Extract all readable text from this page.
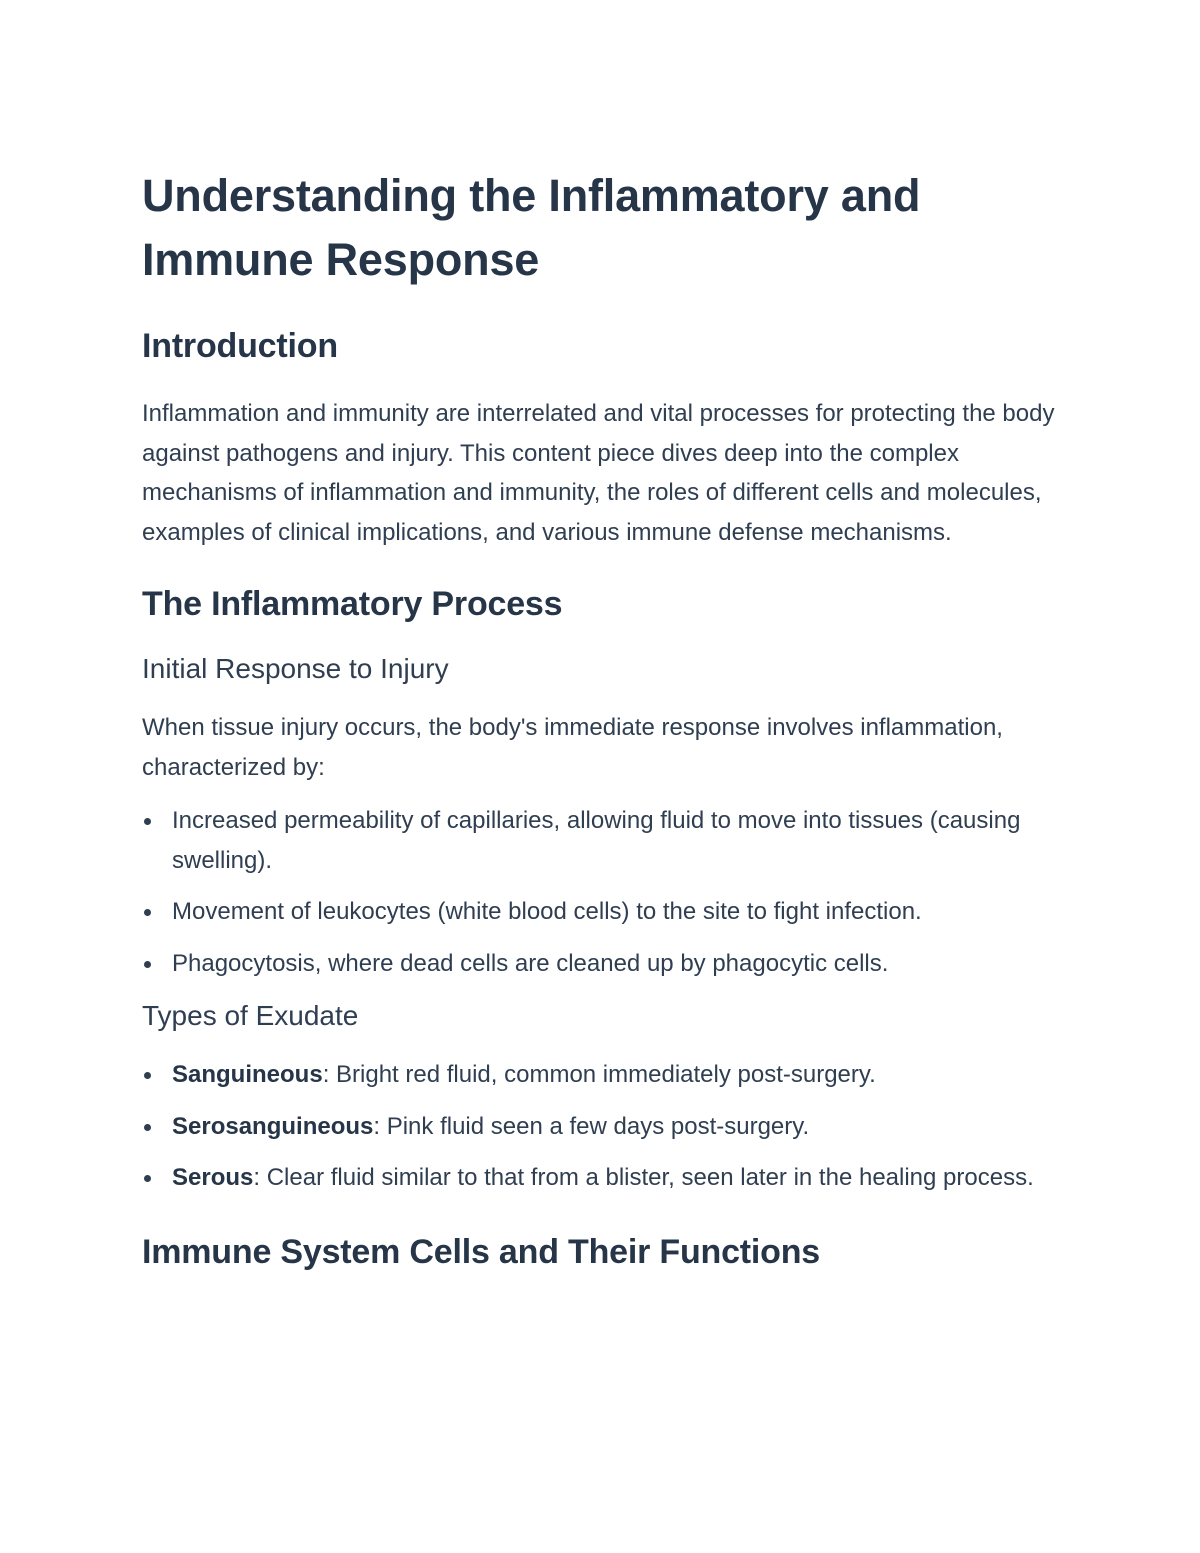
Understanding the Inflammatory and Immune Response
Introduction

Inflammation and immunity are interrelated and vital processes for protecting the body against pathogens and injury. This content piece dives deep into the complex mechanisms of inflammation and immunity, the roles of different cells and molecules, examples of clinical implications, and various immune defense mechanisms.

The Inflammatory Process
Initial Response to Injury

When tissue injury occurs, the body's immediate response involves inflammation, characterized by:

Increased permeability of capillaries, allowing fluid to move into tissues (causing swelling).
Movement of leukocytes (white blood cells) to the site to fight infection.
Phagocytosis, where dead cells are cleaned up by phagocytic cells.
Types of Exudate
Sanguineous: Bright red fluid, common immediately post-surgery.
Serosanguineous: Pink fluid seen a few days post-surgery.
Serous: Clear fluid similar to that from a blister, seen later in the healing process.
Immune System Cells and Their Functions
